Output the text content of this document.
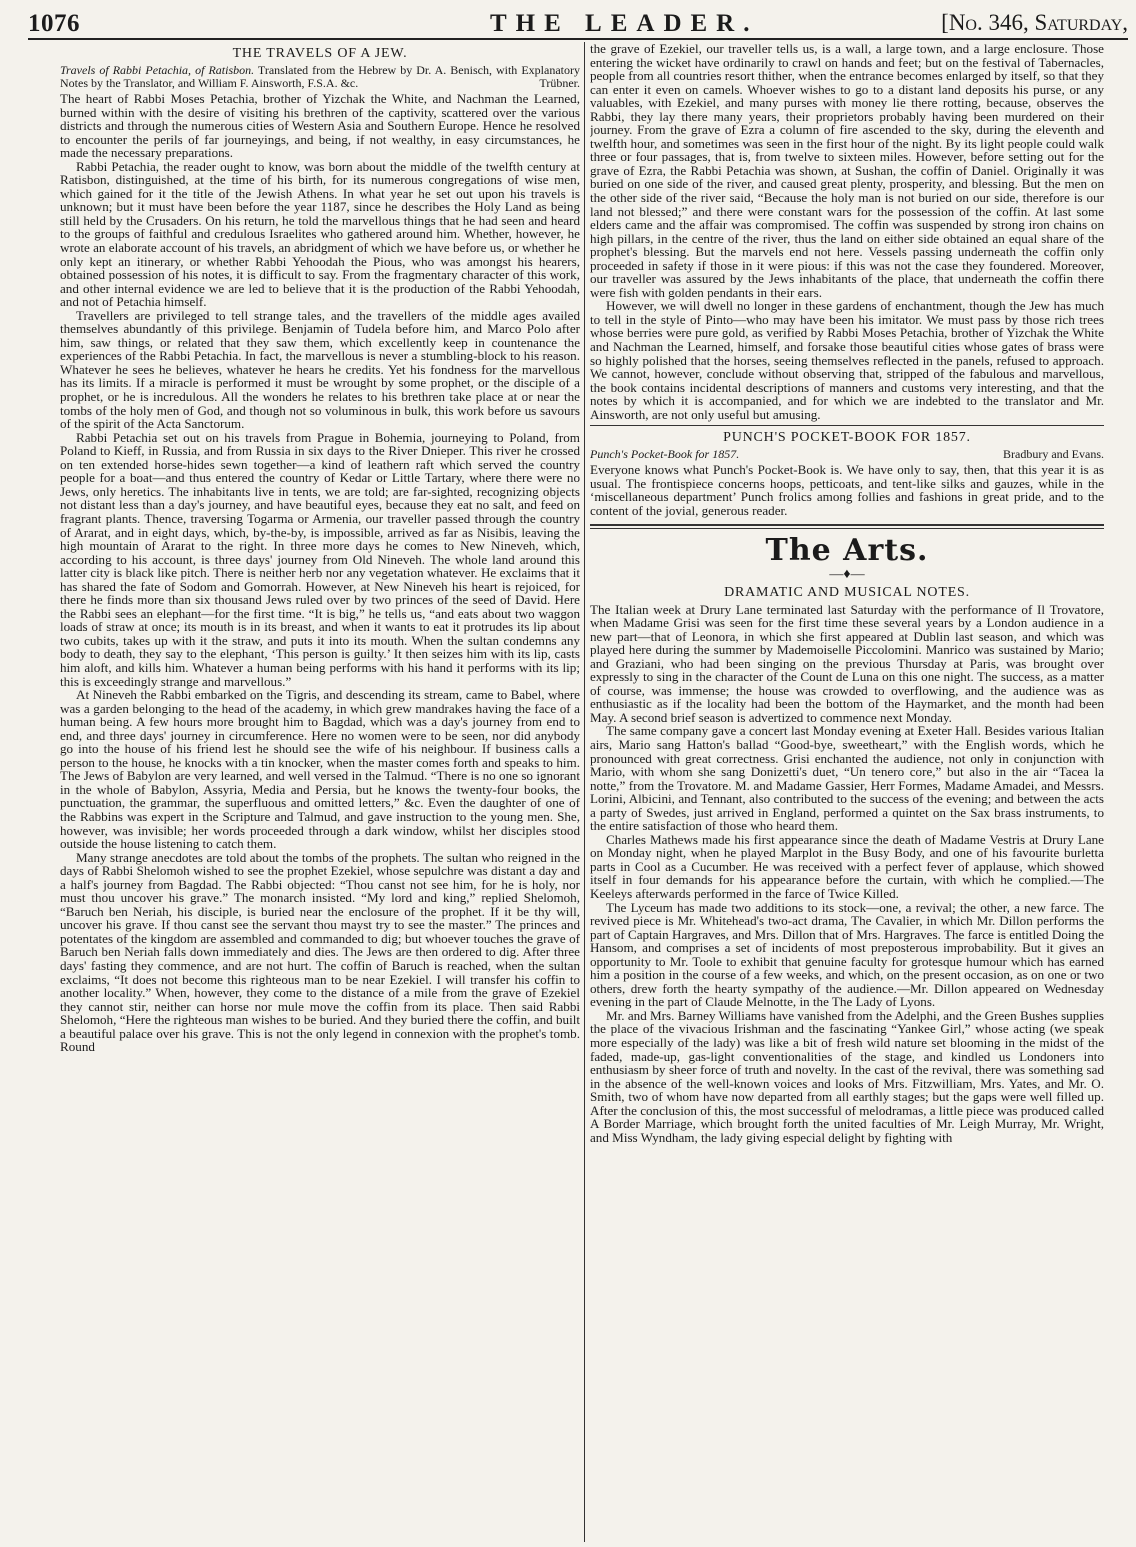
1076	THE LEADER.	[No. 346, Saturday,
THE TRAVELS OF A JEW.
Travels of Rabbi Petachia, of Ratisbon. Translated from the Hebrew by Dr. A. Benisch, with Explanatory Notes by the Translator, and William F. Ainsworth, F.S.A. &c.	Trübner.

The heart of Rabbi Moses Petachia, brother of Yizchak the White, and Nachman the Learned, burned within with the desire of visiting his brethren of the captivity, scattered over the various districts and through the numerous cities of Western Asia and Southern Europe. Hence he resolved to encounter the perils of far journeyings, and being, if not wealthy, in easy circumstances, he made the necessary preparations.

Rabbi Petachia, the reader ought to know, was born about the middle of the twelfth century at Ratisbon, distinguished, at the time of his birth, for its numerous congregations of wise men, which gained for it the title of the Jewish Athens. In what year he set out upon his travels is unknown; but it must have been before the year 1187, since he describes the Holy Land as being still held by the Crusaders. On his return, he told the marvellous things that he had seen and heard to the groups of faithful and credulous Israelites who gathered around him. Whether, however, he wrote an elaborate account of his travels, an abridgment of which we have before us, or whether he only kept an itinerary, or whether Rabbi Yehoodah the Pious, who was amongst his hearers, obtained possession of his notes, it is difficult to say. From the fragmentary character of this work, and other internal evidence we are led to believe that it is the production of the Rabbi Yehoodah, and not of Petachia himself.

Travellers are privileged to tell strange tales, and the travellers of the middle ages availed themselves abundantly of this privilege. Benjamin of Tudela before him, and Marco Polo after him, saw things, or related that they saw them, which excellently keep in countenance the experiences of the Rabbi Petachia. In fact, the marvellous is never a stumbling-block to his reason. Whatever he sees he believes, whatever he hears he credits. Yet his fondness for the marvellous has its limits. If a miracle is performed it must be wrought by some prophet, or the disciple of a prophet, or he is incredulous. All the wonders he relates to his brethren take place at or near the tombs of the holy men of God, and though not so voluminous in bulk, this work before us savours of the spirit of the Acta Sanctorum.

Rabbi Petachia set out on his travels from Prague in Bohemia, journeying to Poland, from Poland to Kieff, in Russia, and from Russia in six days to the River Dnieper. This river he crossed on ten extended horse-hides sewn together—a kind of leathern raft which served the country people for a boat—and thus entered the country of Kedar or Little Tartary, where there were no Jews, only heretics. The inhabitants live in tents, we are told; are far-sighted, recognizing objects not distant less than a day's journey, and have beautiful eyes, because they eat no salt, and feed on fragrant plants. Thence, traversing Togarma or Armenia, our traveller passed through the country of Ararat, and in eight days, which, by-the-by, is impossible, arrived as far as Nisibis, leaving the high mountain of Ararat to the right. In three more days he comes to New Nineveh, which, according to his account, is three days' journey from Old Nineveh. The whole land around this latter city is black like pitch. There is neither herb nor any vegetation whatever. He exclaims that it has shared the fate of Sodom and Gomorrah. However, at New Nineveh his heart is rejoiced, for there he finds more than six thousand Jews ruled over by two princes of the seed of David. Here the Rabbi sees an elephant—for the first time. “It is big,” he tells us, “and eats about two waggon loads of straw at once; its mouth is in its breast, and when it wants to eat it protrudes its lip about two cubits, takes up with it the straw, and puts it into its mouth. When the sultan condemns any body to death, they say to the elephant, ‘This person is guilty.’ It then seizes him with its lip, casts him aloft, and kills him. Whatever a human being performs with his hand it performs with its lip; this is exceedingly strange and marvellous.”

At Nineveh the Rabbi embarked on the Tigris, and descending its stream, came to Babel, where was a garden belonging to the head of the academy, in which grew mandrakes having the face of a human being. A few hours more brought him to Bagdad, which was a day's journey from end to end, and three days' journey in circumference. Here no women were to be seen, nor did anybody go into the house of his friend lest he should see the wife of his neighbour. If business calls a person to the house, he knocks with a tin knocker, when the master comes forth and speaks to him. The Jews of Babylon are very learned, and well versed in the Talmud. “There is no one so ignorant in the whole of Babylon, Assyria, Media and Persia, but he knows the twenty-four books, the punctuation, the grammar, the superfluous and omitted letters,” &c. Even the daughter of one of the Rabbins was expert in the Scripture and Talmud, and gave instruction to the young men. She, however, was invisible; her words proceeded through a dark window, whilst her disciples stood outside the house listening to catch them.

Many strange anecdotes are told about the tombs of the prophets. The sultan who reigned in the days of Rabbi Shelomoh wished to see the prophet Ezekiel, whose sepulchre was distant a day and a half's journey from Bagdad. The Rabbi objected: “Thou canst not see him, for he is holy, nor must thou uncover his grave.” The monarch insisted. “My lord and king,” replied Shelomoh, “Baruch ben Neriah, his disciple, is buried near the enclosure of the prophet. If it be thy will, uncover his grave. If thou canst see the servant thou mayst try to see the master.” The princes and potentates of the kingdom are assembled and commanded to dig; but whoever touches the grave of Baruch ben Neriah falls down immediately and dies. The Jews are then ordered to dig. After three days' fasting they commence, and are not hurt. The coffin of Baruch is reached, when the sultan exclaims, “It does not become this righteous man to be near Ezekiel. I will transfer his coffin to another locality.” When, however, they come to the distance of a mile from the grave of Ezekiel they cannot stir, neither can horse nor mule move the coffin from its place. Then said Rabbi Shelomoh, “Here the righteous man wishes to be buried. And they buried there the coffin, and built a beautiful palace over his grave. This is not the only legend in connexion with the prophet's tomb. Round

the grave of Ezekiel, our traveller tells us, is a wall, a large town, and a large enclosure. Those entering the wicket have ordinarily to crawl on hands and feet; but on the festival of Tabernacles, people from all countries resort thither, when the entrance becomes enlarged by itself, so that they can enter it even on camels. Whoever wishes to go to a distant land deposits his purse, or any valuables, with Ezekiel, and many purses with money lie there rotting, because, observes the Rabbi, they lay there many years, their proprietors probably having been murdered on their journey. From the grave of Ezra a column of fire ascended to the sky, during the eleventh and twelfth hour, and sometimes was seen in the first hour of the night. By its light people could walk three or four passages, that is, from twelve to sixteen miles. However, before setting out for the grave of Ezra, the Rabbi Petachia was shown, at Sushan, the coffin of Daniel. Originally it was buried on one side of the river, and caused great plenty, prosperity, and blessing. But the men on the other side of the river said, “Because the holy man is not buried on our side, therefore is our land not blessed;” and there were constant wars for the possession of the coffin. At last some elders came and the affair was compromised. The coffin was suspended by strong iron chains on high pillars, in the centre of the river, thus the land on either side obtained an equal share of the prophet's blessing. But the marvels end not here. Vessels passing underneath the coffin only proceeded in safety if those in it were pious: if this was not the case they foundered. Moreover, our traveller was assured by the Jews inhabitants of the place, that underneath the coffin there were fish with golden pendants in their ears.

However, we will dwell no longer in these gardens of enchantment, though the Jew has much to tell in the style of Pinto—who may have been his imitator. We must pass by those rich trees whose berries were pure gold, as verified by Rabbi Moses Petachia, brother of Yizchak the White and Nachman the Learned, himself, and forsake those beautiful cities whose gates of brass were so highly polished that the horses, seeing themselves reflected in the panels, refused to approach. We cannot, however, conclude without observing that, stripped of the fabulous and marvellous, the book contains incidental descriptions of manners and customs very interesting, and that the notes by which it is accompanied, and for which we are indebted to the translator and Mr. Ainsworth, are not only useful but amusing.

PUNCH'S POCKET-BOOK FOR 1857.
Punch's Pocket-Book for 1857.	Bradbury and Evans.

Everyone knows what Punch's Pocket-Book is. We have only to say, then, that this year it is as usual. The frontispiece concerns hoops, petticoats, and tent-like silks and gauzes, while in the ‘miscellaneous department’ Punch frolics among follies and fashions in great pride, and to the content of the jovial, generous reader.

The Arts.
—♦—
DRAMATIC AND MUSICAL NOTES.

The Italian week at Drury Lane terminated last Saturday with the performance of Il Trovatore, when Madame Grisi was seen for the first time these several years by a London audience in a new part—that of Leonora, in which she first appeared at Dublin last season, and which was played here during the summer by Mademoiselle Piccolomini. Manrico was sustained by Mario; and Graziani, who had been singing on the previous Thursday at Paris, was brought over expressly to sing in the character of the Count de Luna on this one night. The success, as a matter of course, was immense; the house was crowded to overflowing, and the audience was as enthusiastic as if the locality had been the bottom of the Haymarket, and the month had been May. A second brief season is advertized to commence next Monday.

The same company gave a concert last Monday evening at Exeter Hall. Besides various Italian airs, Mario sang Hatton's ballad “Good-bye, sweetheart,” with the English words, which he pronounced with great correctness. Grisi enchanted the audience, not only in conjunction with Mario, with whom she sang Donizetti's duet, “Un tenero core,” but also in the air “Tacea la notte,” from the Trovatore. M. and Madame Gassier, Herr Formes, Madame Amadei, and Messrs. Lorini, Albicini, and Tennant, also contributed to the success of the evening; and between the acts a party of Swedes, just arrived in England, performed a quintet on the Sax brass instruments, to the entire satisfaction of those who heard them.

Charles Mathews made his first appearance since the death of Madame Vestris at Drury Lane on Monday night, when he played Marplot in the Busy Body, and one of his favourite burletta parts in Cool as a Cucumber. He was received with a perfect fever of applause, which showed itself in four demands for his appearance before the curtain, with which he complied.—The Keeleys afterwards performed in the farce of Twice Killed.

The Lyceum has made two additions to its stock—one, a revival; the other, a new farce. The revived piece is Mr. Whitehead's two-act drama, The Cavalier, in which Mr. Dillon performs the part of Captain Hargraves, and Mrs. Dillon that of Mrs. Hargraves. The farce is entitled Doing the Hansom, and comprises a set of incidents of most preposterous improbability. But it gives an opportunity to Mr. Toole to exhibit that genuine faculty for grotesque humour which has earned him a position in the course of a few weeks, and which, on the present occasion, as on one or two others, drew forth the hearty sympathy of the audience.—Mr. Dillon appeared on Wednesday evening in the part of Claude Melnotte, in the The Lady of Lyons.

Mr. and Mrs. Barney Williams have vanished from the Adelphi, and the Green Bushes supplies the place of the vivacious Irishman and the fascinating “Yankee Girl,” whose acting (we speak more especially of the lady) was like a bit of fresh wild nature set blooming in the midst of the faded, made-up, gas-light conventionalities of the stage, and kindled us Londoners into enthusiasm by sheer force of truth and novelty. In the cast of the revival, there was something sad in the absence of the well-known voices and looks of Mrs. Fitzwilliam, Mrs. Yates, and Mr. O. Smith, two of whom have now departed from all earthly stages; but the gaps were well filled up. After the conclusion of this, the most successful of melodramas, a little piece was produced called A Border Marriage, which brought forth the united faculties of Mr. Leigh Murray, Mr. Wright, and Miss Wyndham, the lady giving especial delight by fighting with
